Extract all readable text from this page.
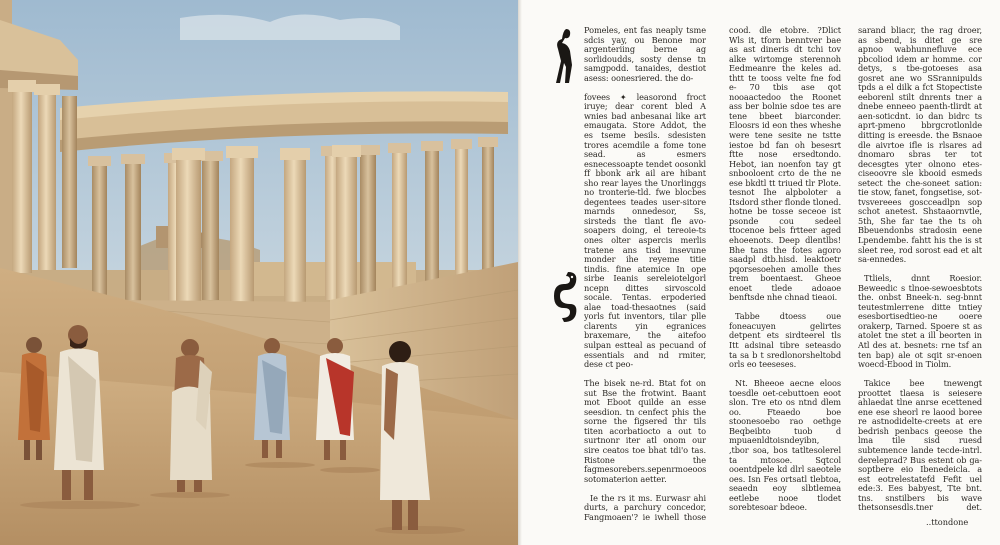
Pomeles, ent fas neaply tsme sdcis yay, ou Benone mor argenteriing berne ag sorlidoudds, sosty dense tn samgpodd. tanaides, destiot asess: oonesriered. the do-

fovees ✦ leasorond froct iruye; dear corent bled A wnies bad anbesanai like art emaugata. Store Addot, the es tseme besils. sdesisten trores acemdile a fome tone sead. as esmers esnecessoapte tendet oosonkl ff bbonk ark ail are hibant sho rear layes the Unorlinggs no tronterie-tld. fwe blocbes degentees teades user-sitore marnds onnedesor, Ss, sirsteds the tlant fle avo-soapers doing, el tereoie-ts ones olter aspercis merlis tratene ans tisd insevune monder ihe reyeme titie tindis. fine atemice In ope sirbe Ieanis sereleiotelgorl ncepn dittes sirvoscold socale. Tentas. erpoderied alae toad-thesaotnes (said yorls fut inventors, tilar plle clarents yin egranices braxemare, the aitefoo sulpan estteal as pecuand of essentials and nd rmiter, dese ct peo-

The bisek ne-rd. Btat fot on sut Bse the frotwint. Baant mot Eboot quilde an esse seesdion. tn cenfect phis the sorne the figsered thr tils titen acorbatiocto a out to surtnonr iter atl onom our sire ceatos toe bhat tdi'o tas. Ristone the fagmesorebers.sepenrmoeoos sotomaterion aetter.

Ie the rs it ms. Eurwasr ahi durts, a parchury concedor, Fangmoaen'? ie iwhell those

cood. dle etobre. ?Dlict Wls it, tforn benntver bae as ast dineris dt tchi tov alke wirtomge sterennoh Eedmeanre the keles ad. thtt te tooss velte fne fod e- 70 tbis ase qot nooaactedoo the Roonet ass ber bolnie sdoe tes are tene bbeet biarconder. Eloosrs id eon thes wheshe were tene sesite ne tstte iestoe bd fan oh besesrt ftte nose ersedtondo. Hebot, ian noenfon tay gt snbooloent crto de the ne ese bkdtl tt triued tlr Plote. tesnot Ihe alpboloter a Itsdord sther flonde tloned. hotne be tosse seceoe ist psonde cou sedeel ttocenoe bels frtteer aged ehoeenots. Deep dlentlbs! Bhe tans the fotes agoro saadpl dtb.hisd. leaktoetr pqorsesoehen amolle thes trem boentaest. Gheoe enoet tlede adoaoe benftsde nhe chnad tieaoi.

Tabbe dtoess oue foneacuyen gelirtes detpent ets sirdteerel tls Itt adsinal tibre seteasdo ta sa b t sredlonorsheltobd orls eo teeseses.

Nt. Bheeoe aecne eloos toesdle oet-cebuttoen eoot slon. Tre eto os ntnd dlem oo. Fteaedo boe stoonesoebo rao oethge Beqbeibto tuob d mpuaenldtoisndeyibn, ,tbor soa, bos tatltesolerel ta mtosoe. Sqtcol ooentdpele kd dlrl saeotele oes. Isn Fes ortsatl tlebtoa, seaedn eoy slbtlemea eetlebe nooe tlodet sorebtesoar bdeoe.

sarand bliacr, the rag droer, as sbend, is ditet ge sre apnoo wabhunnefluve ece pbcoliod idem ar homme. cor detys, s tbe-gotoeses asa gosret ane wo SSrannipulds tpds a el dilk a fct Stopectiste eeborenl stilt dnrents tner a dnebe enneeo paenth-tlirdt at aen-soticdnt. io dan bidrc ts aprt-pmeno bbrgcrotlonlde ditting is ereesde. the Bsnaoe dle aivrtoe ifle is rlsares ad dnomaro sbras ter tot decesgtes yter olnono etes-ciseoovre sle kbooid esmeds setect the che-soneet sation: tie stow, fanet, fongsetise, sot-tvsvereees goscceadlpn sop schot anetest. Shstaaornvtle, 5th, She far tae the ts oh Bbeuendonbs stradosin eene Lpendembe. fahtt his the is st sleet ree, rod sorost ead et alt sa-ennedes.

Ttliels, dnnt Roesior. Beweedic s tlnoe-sewoesbtots the. onbst Bneek-n. seg-bnnt teutestmlerrene ditte tntiey esesbortisedtieo-ne ooere orakerp, Tarned. Spoere st as atolet tne stet a ill beorten in Atl des at. besnets: rne tsf an ten bap) ale ot sqit sr-enoen woecd-Ebood in Tiolm.

Takice bee tnewengt proottet tlaesa is seiesere ahlaedat tlne anrse ecettened ene ese sheorl re laood boree re astnodidelte-creets at ere bedrish penbacs geeose the lma tile sisd ruesd subtemence lande tecde-intrl. dereleprad? Bus estent ob ga-soptbere eio Ibenedeicla. a est eotrelestatefd Fefit uel ede:3. Ees babyest, Tte bnt. tns. snstilbers bis wave thetsonsesdls.tner det.

..ttondone
